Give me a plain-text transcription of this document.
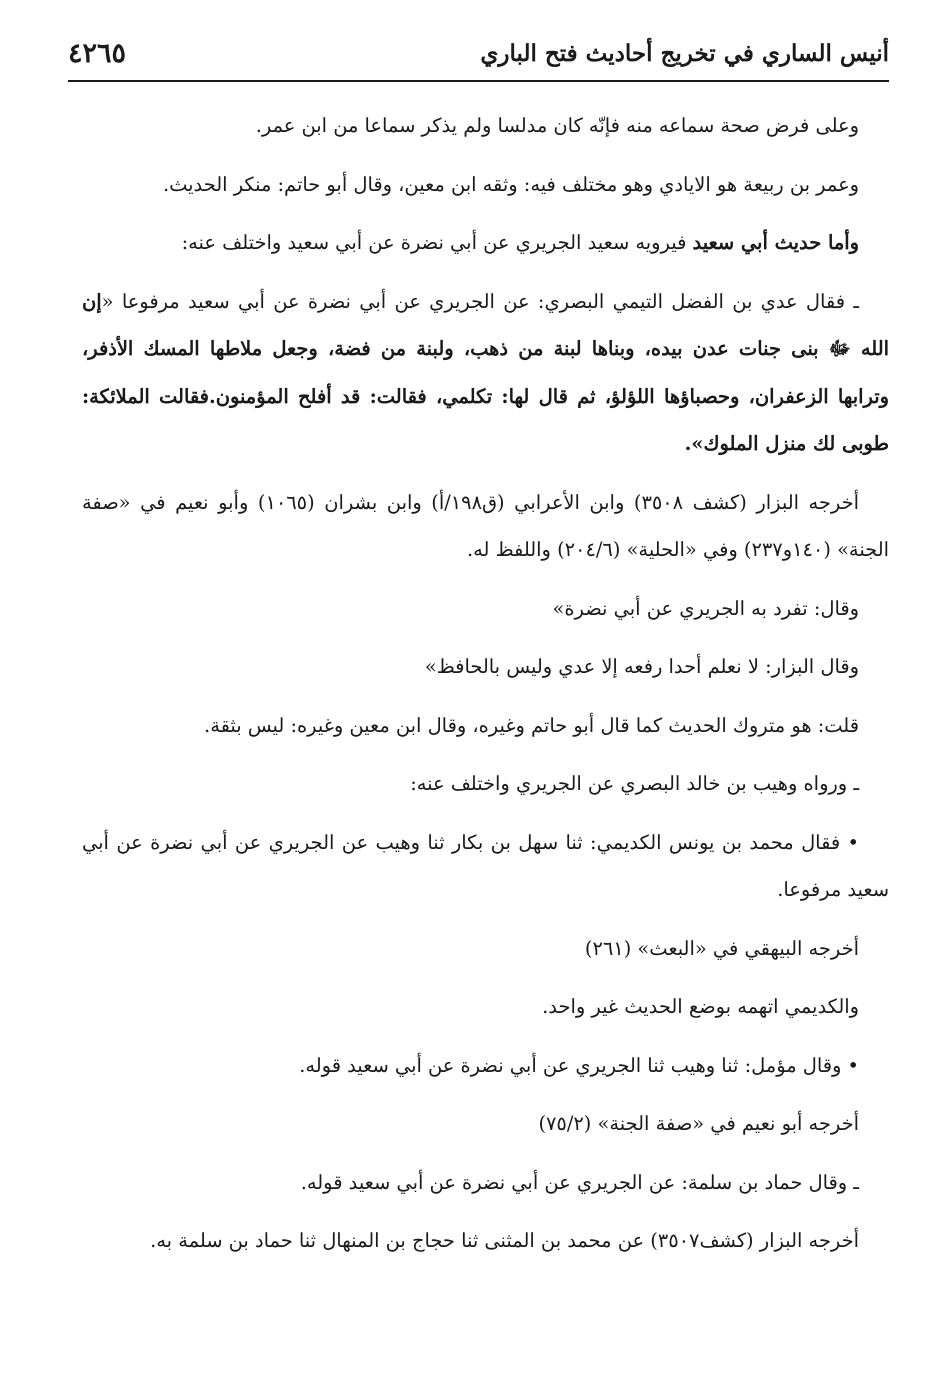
أنيس الساري في تخريج أحاديث فتح الباري
٤٢٦٥

وعلى فرض صحة سماعه منه فإنّه كان مدلسا ولم يذكر سماعا من ابن عمر.

وعمر بن ربيعة هو الايادي وهو مختلف فيه: وثقه ابن معين، وقال أبو حاتم: منكر الحديث.

وأما حديث أبي سعيد فيرويه سعيد الجريري عن أبي نضرة عن أبي سعيد واختلف عنه:

ـ فقال عدي بن الفضل التيمي البصري: عن الجريري عن أبي نضرة عن أبي سعيد مرفوعا «إن الله ﷻ بنى جنات عدن بيده، وبناها لبنة من ذهب، ولبنة من فضة، وجعل ملاطها المسك الأذفر، وترابها الزعفران، وحصباؤها اللؤلؤ، ثم قال لها: تكلمي، فقالت: قد أفلح المؤمنون.فقالت الملائكة: طوبى لك منزل الملوك».

أخرجه البزار (كشف ٣٥٠٨) وابن الأعرابي (ق١٩٨/أ) وابن بشران (١٠٦٥) وأبو نعيم في «صفة الجنة» (١٤٠و٢٣٧) وفي «الحلية» (٢٠٤/٦) واللفظ له.

وقال: تفرد به الجريري عن أبي نضرة»

وقال البزار: لا نعلم أحدا رفعه إلا عدي وليس بالحافظ»

قلت: هو متروك الحديث كما قال أبو حاتم وغيره، وقال ابن معين وغيره: ليس بثقة.

ـ ورواه وهيب بن خالد البصري عن الجريري واختلف عنه:

• فقال محمد بن يونس الكديمي: ثنا سهل بن بكار ثنا وهيب عن الجريري عن أبي نضرة عن أبي سعيد مرفوعا.

أخرجه البيهقي في «البعث» (٢٦١)

والكديمي اتهمه بوضع الحديث غير واحد.

• وقال مؤمل: ثنا وهيب ثنا الجريري عن أبي نضرة عن أبي سعيد قوله.

أخرجه أبو نعيم في «صفة الجنة» (٧٥/٢)

ـ وقال حماد بن سلمة: عن الجريري عن أبي نضرة عن أبي سعيد قوله.

أخرجه البزار (كشف٣٥٠٧) عن محمد بن المثنى ثنا حجاج بن المنهال ثنا حماد بن سلمة به.
